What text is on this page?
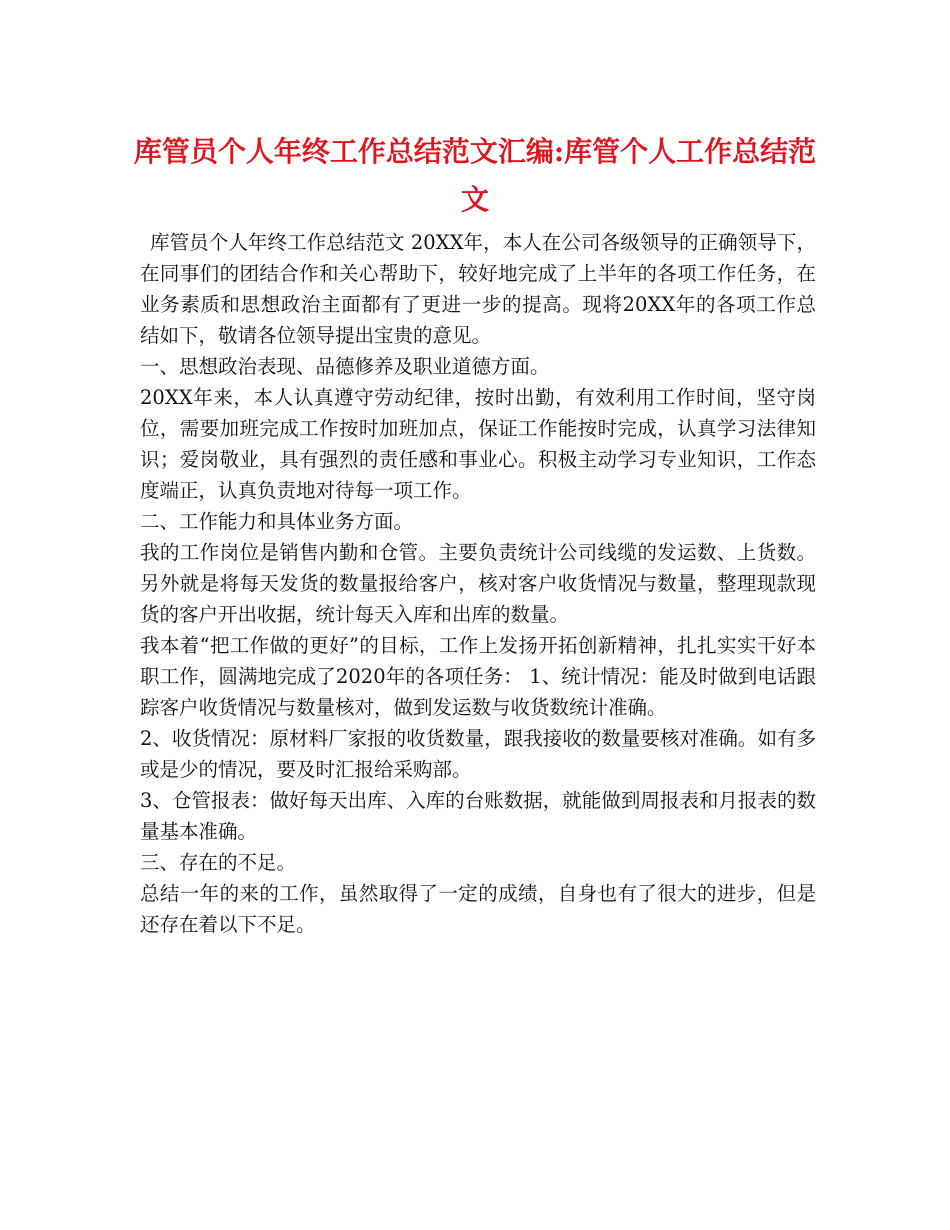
库管员个人年终工作总结范文汇编:库管个人工作总结范文

库管员个人年终工作总结范文 20XX年，本人在公司各级领导的正确领导下，在同事们的团结合作和关心帮助下，较好地完成了上半年的各项工作任务，在业务素质和思想政治主面都有了更进一步的提高。现将20XX年的各项工作总结如下，敬请各位领导提出宝贵的意见。

一、思想政治表现、品德修养及职业道德方面。

20XX年来，本人认真遵守劳动纪律，按时出勤，有效利用工作时间，坚守岗位，需要加班完成工作按时加班加点，保证工作能按时完成，认真学习法律知识；爱岗敬业，具有强烈的责任感和事业心。积极主动学习专业知识，工作态度端正，认真负责地对待每一项工作。

二、工作能力和具体业务方面。

我的工作岗位是销售内勤和仓管。主要负责统计公司线缆的发运数、上货数。另外就是将每天发货的数量报给客户，核对客户收货情况与数量，整理现款现货的客户开出收据，统计每天入库和出库的数量。

我本着“把工作做的更好”的目标，工作上发扬开拓创新精神，扎扎实实干好本职工作，圆满地完成了2020年的各项任务： 1、统计情况：能及时做到电话跟踪客户收货情况与数量核对，做到发运数与收货数统计准确。

2、收货情况：原材料厂家报的收货数量，跟我接收的数量要核对准确。如有多或是少的情况，要及时汇报给采购部。

3、仓管报表：做好每天出库、入库的台账数据，就能做到周报表和月报表的数量基本准确。

三、存在的不足。

总结一年的来的工作，虽然取得了一定的成绩，自身也有了很大的进步，但是还存在着以下不足。
